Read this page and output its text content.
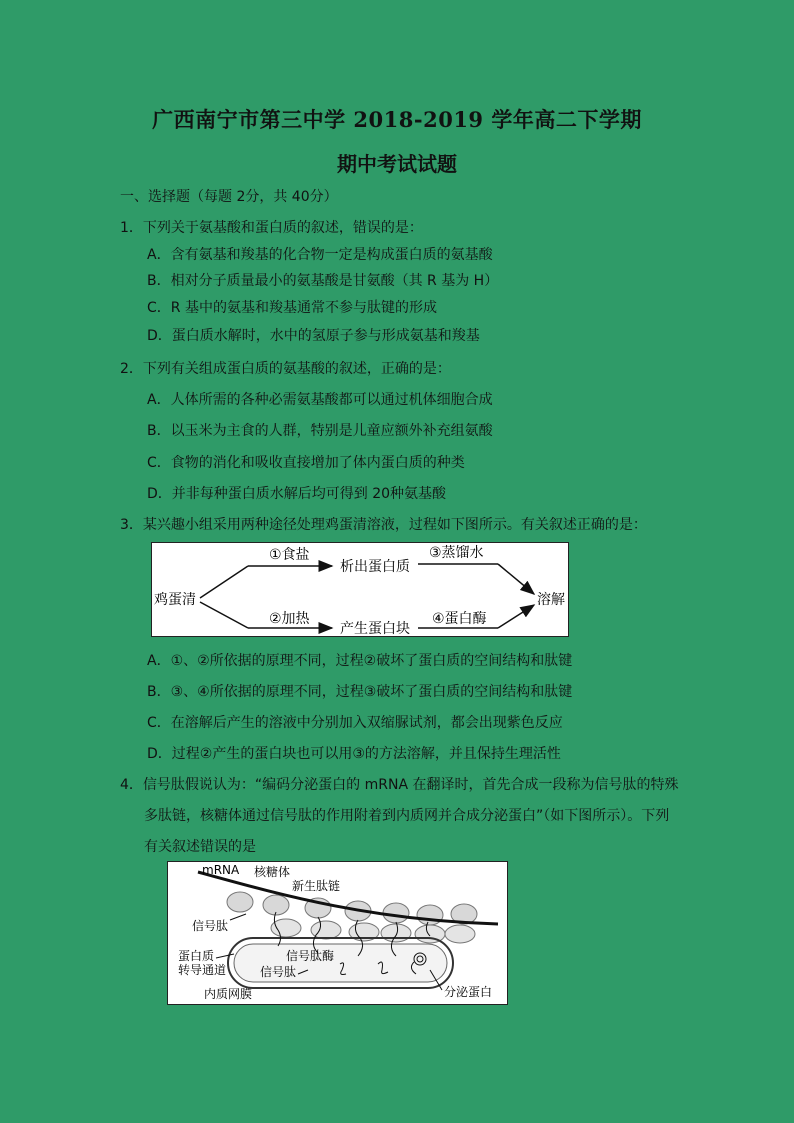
广西南宁市第三中学 2018-2019 学年高二下学期
期中考试试题
一、选择题（每题 2分，共 40分）
1．下列关于氨基酸和蛋白质的叙述，错误的是：
A．含有氨基和羧基的化合物一定是构成蛋白质的氨基酸
B．相对分子质量最小的氨基酸是甘氨酸（其 R 基为 H）
C．R 基中的氨基和羧基通常不参与肽键的形成
D．蛋白质水解时，水中的氢原子参与形成氨基和羧基
2．下列有关组成蛋白质的氨基酸的叙述，正确的是：
A．人体所需的各种必需氨基酸都可以通过机体细胞合成
B．以玉米为主食的人群，特别是儿童应额外补充组氨酸
C．食物的消化和吸收直接增加了体内蛋白质的种类
D．并非每种蛋白质水解后均可得到 20种氨基酸
3．某兴趣小组采用两种途径处理鸡蛋清溶液，过程如下图所示。有关叙述正确的是：
鸡蛋清
①食盐
析出蛋白质
③蒸馏水
②加热
产生蛋白块
④蛋白酶
溶解
A．①、②所依据的原理不同，过程②破坏了蛋白质的空间结构和肽键
B．③、④所依据的原理不同，过程③破坏了蛋白质的空间结构和肽键
C．在溶解后产生的溶液中分别加入双缩脲试剂，都会出现紫色反应
D．过程②产生的蛋白块也可以用③的方法溶解，并且保持生理活性
4．信号肽假说认为：“编码分泌蛋白的 mRNA 在翻译时，首先合成一段称为信号肽的特殊
多肽链，核糖体通过信号肽的作用附着到内质网并合成分泌蛋白”（如下图所示）。下列
有关叙述错误的是
mRNA 核糖体
新生肽链
信号肽
蛋白质
转导通道
信号肽酶
信号肽
内质网膜	分泌蛋白
